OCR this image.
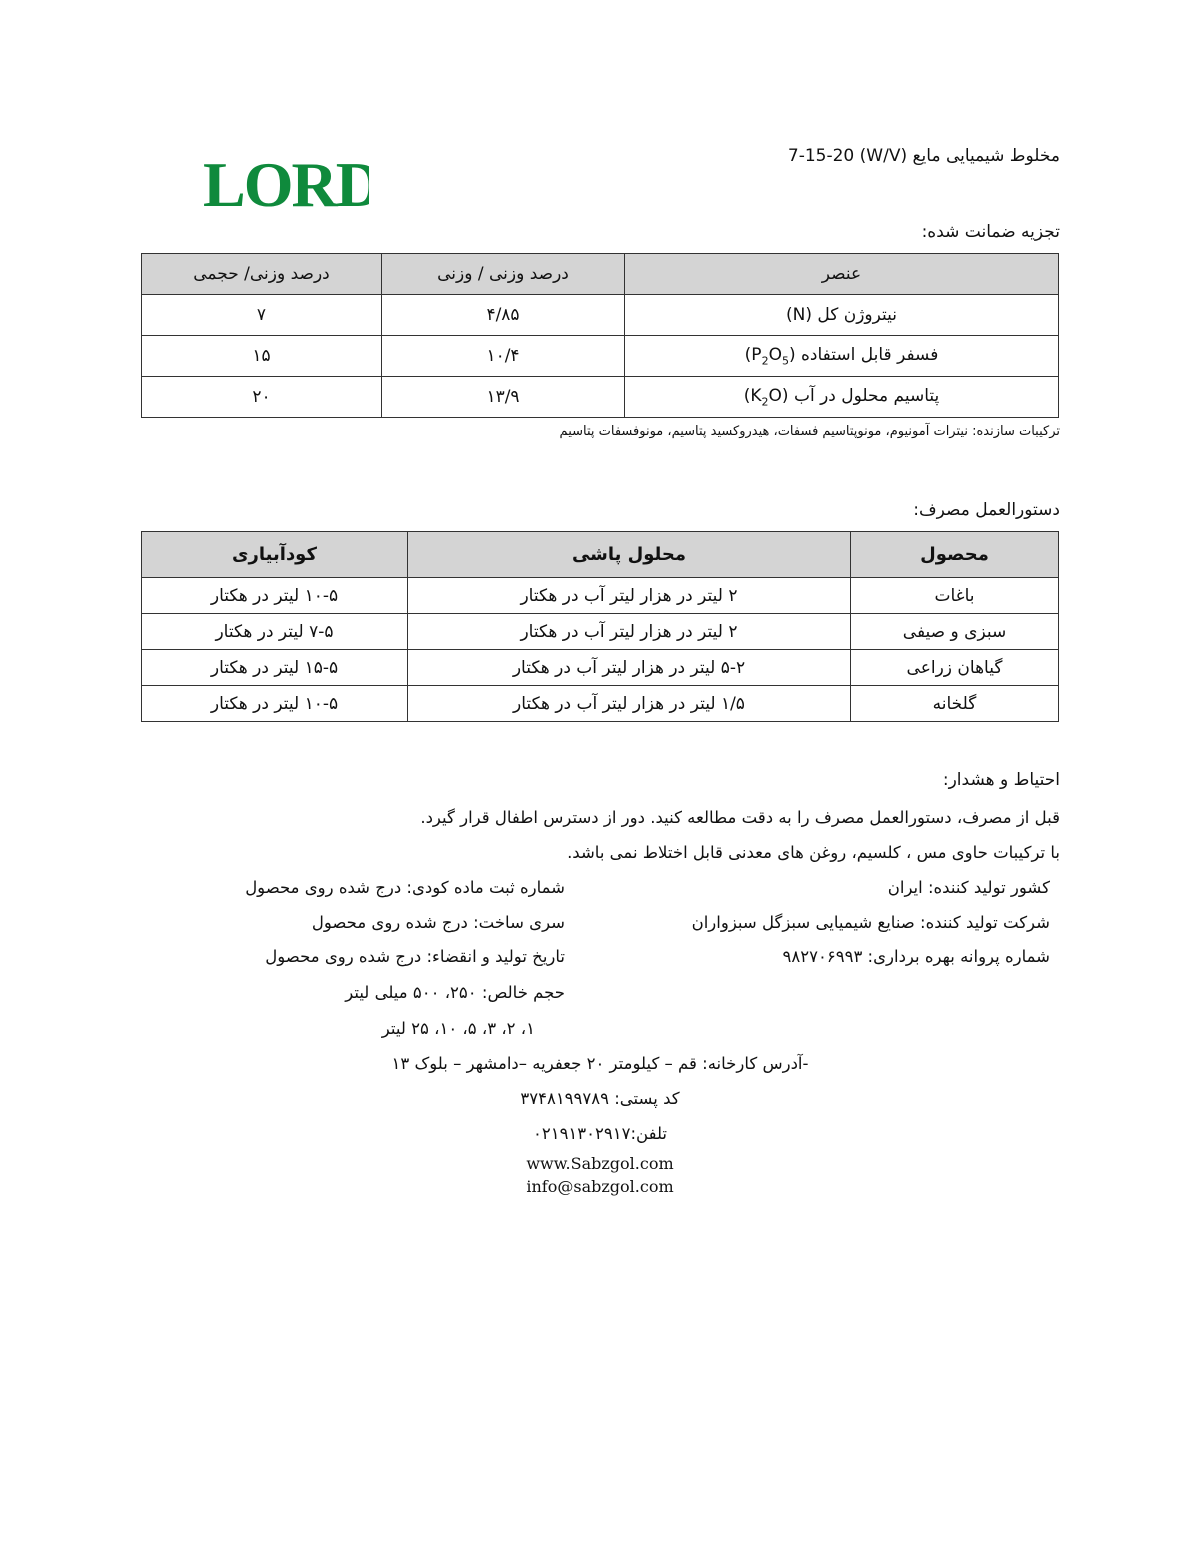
مخلوط شیمیایی مایع (W/V) 7-15-20
LORD
تجزیه ضمانت شده:
عنصر	درصد وزنی / وزنی	درصد وزنی/ حجمی
نیتروژن کل (N)	۴/۸۵	۷
فسفر قابل استفاده $(P_2O_5)$	۱۰/۴	۱۵
پتاسیم محلول در آب $(K_2O)$	۱۳/۹	۲۰
ترکیبات سازنده: نیترات آمونیوم، مونوپتاسیم فسفات، هیدروکسید پتاسیم، مونوفسفات پتاسیم
دستورالعمل مصرف:
محصول	محلول پاشی	کودآبیاری
باغات	۲ لیتر در هزار لیتر آب در هکتار	۱۰-۵ لیتر در هکتار
سبزی و صیفی	۲ لیتر در هزار لیتر آب در هکتار	۷-۵ لیتر در هکتار
گیاهان زراعی	۵-۲ لیتر در هزار لیتر آب در هکتار	۱۵-۵ لیتر در هکتار
گلخانه	۱/۵ لیتر در هزار لیتر آب در هکتار	۱۰-۵ لیتر در هکتار
احتیاط و هشدار:
قبل از مصرف، دستورالعمل مصرف را به دقت مطالعه کنید. دور از دسترس اطفال قرار گیرد.
با ترکیبات حاوی مس ، کلسیم، روغن های معدنی قابل اختلاط نمی باشد.
کشور تولید کننده: ایران
شرکت تولید کننده: صنایع شیمیایی سبزگل سبزواران
شماره پروانه بهره برداری: ۹۸۲۷۰۶۹۹۳
شماره ثبت ماده کودی: درج شده روی محصول
سری ساخت: درج شده روی محصول
تاریخ تولید و انقضاء: درج شده روی محصول
حجم خالص: ۲۵۰، ۵۰۰ میلی لیتر
۱، ۲، ۳، ۵، ۱۰، ۲۵ لیتر
-آدرس کارخانه: قم – کیلومتر ۲۰ جعفریه –دامشهر – بلوک ۱۳
کد پستی: ۳۷۴۸۱۹۹۷۸۹
تلفن:۰۲۱۹۱۳۰۲۹۱۷
www.Sabzgol.com
info@sabzgol.com
